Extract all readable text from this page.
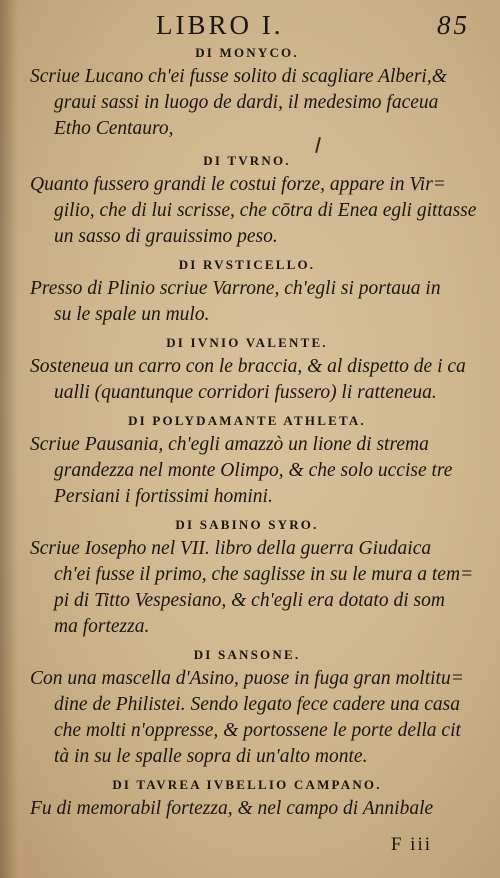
LIBRO I.	85
DI MONYCO.

Scriue Lucano ch'ei fusse solito di scagliare Alberi,&
graui sassi in luogo de dardi, il medesimo faceua
Etho Centauro,

DI TVRNO.

Quanto fussero grandi le costui forze, appare in Vir=
gilio, che di lui scrisse, che cōtra di Enea egli gittasse
un sasso di grauissimo peso.

DI RVSTICELLO.

Presso di Plinio scriue Varrone, ch'egli si portaua in
su le spale un mulo.

DI IVNIO VALENTE.

Sosteneua un carro con le braccia, & al dispetto de i ca
ualli (quantunque corridori fussero) li ratteneua.

DI POLYDAMANTE ATHLETA.

Scriue Pausania, ch'egli amazzò un lione di strema
grandezza nel monte Olimpo, & che solo uccise tre
Persiani i fortissimi homini.

DI SABINO SYRO.

Scriue Iosepho nel VII. libro della guerra Giudaica
ch'ei fusse il primo, che saglisse in su le mura a tem=
pi di Titto Vespesiano, & ch'egli era dotato di som
ma fortezza.

DI SANSONE.

Con una mascella d'Asino, puose in fuga gran moltitu=
dine de Philistei. Sendo legato fece cadere una casa
che molti n'oppresse, & portossene le porte della cit
tà in su le spalle sopra di un'alto monte.

DI TAVREA IVBELLIO CAMPANO.

Fu di memorabil fortezza, & nel campo di Annibale

F iii
